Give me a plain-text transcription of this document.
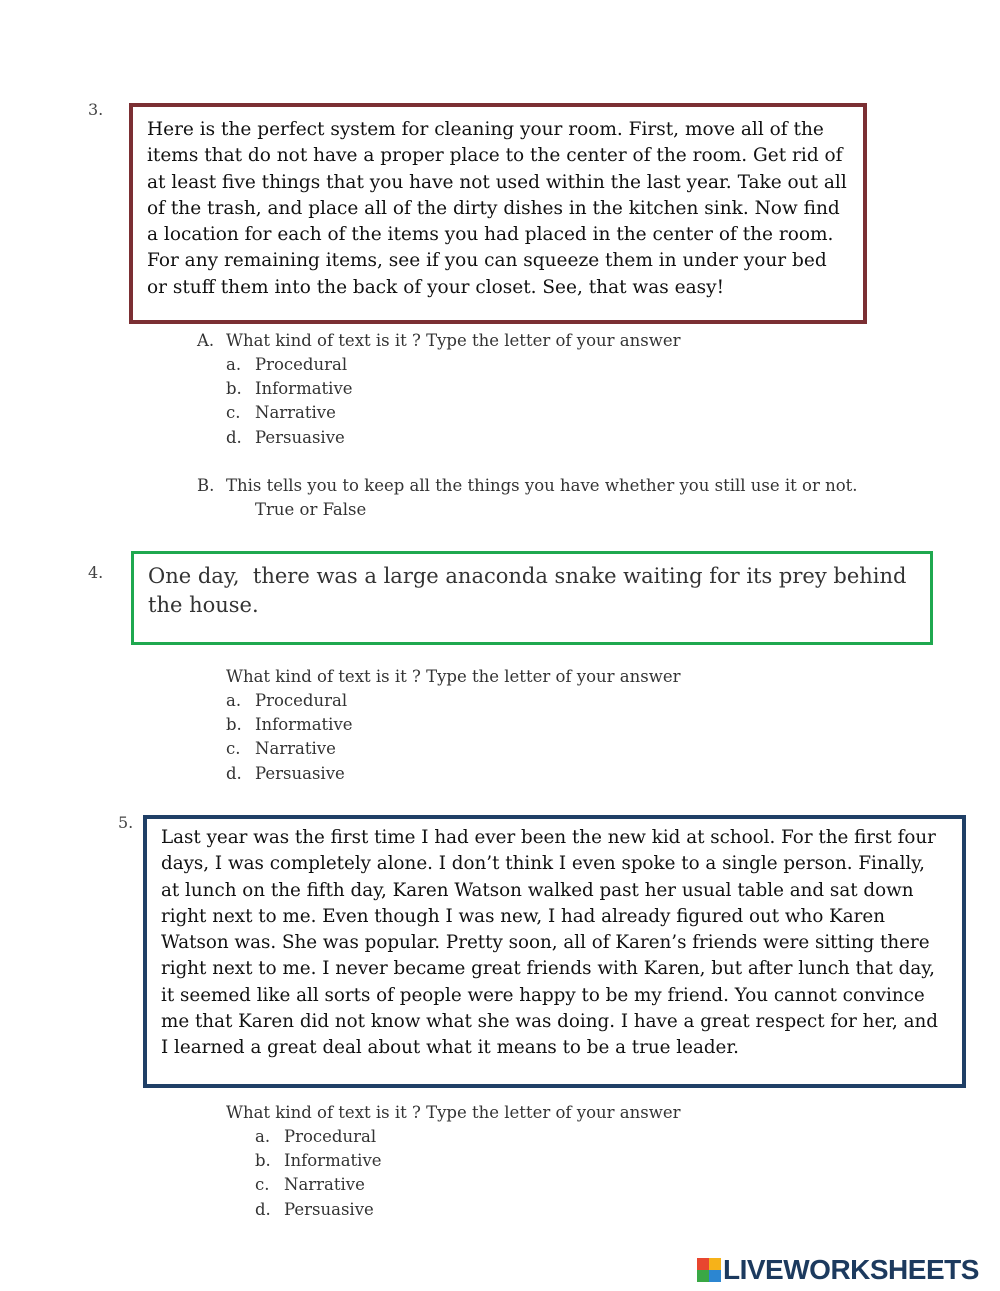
3.

Here is the perfect system for cleaning your room. First, move all of the items that do not have a proper place to the center of the room. Get rid of at least five things that you have not used within the last year. Take out all of the trash, and place all of the dirty dishes in the kitchen sink. Now find a location for each of the items you had placed in the center of the room. For any remaining items, see if you can squeeze them in under your bed or stuff them into the back of your closet. See, that was easy!

A. What kind of text is it ? Type the letter of your answer
a. Procedural
b. Informative
c. Narrative
d. Persuasive
B. This tells you to keep all the things you have whether you still use it or not.
True or False
4. One day,  there was a large anaconda snake waiting for its prey behind the house.

What kind of text is it ? Type the letter of your answer
a. Procedural
b. Informative
c. Narrative
d. Persuasive
5.

Last year was the first time I had ever been the new kid at school. For the first four days, I was completely alone. I don’t think I even spoke to a single person. Finally, at lunch on the fifth day, Karen Watson walked past her usual table and sat down right next to me. Even though I was new, I had already figured out who Karen Watson was. She was popular. Pretty soon, all of Karen’s friends were sitting there right next to me. I never became great friends with Karen, but after lunch that day, it seemed like all sorts of people were happy to be my friend. You cannot convince me that Karen did not know what she was doing. I have a great respect for her, and I learned a great deal about what it means to be a true leader.

What kind of text is it ? Type the letter of your answer
a. Procedural
b. Informative
c. Narrative
d. Persuasive
LIVEWORKSHEETS
